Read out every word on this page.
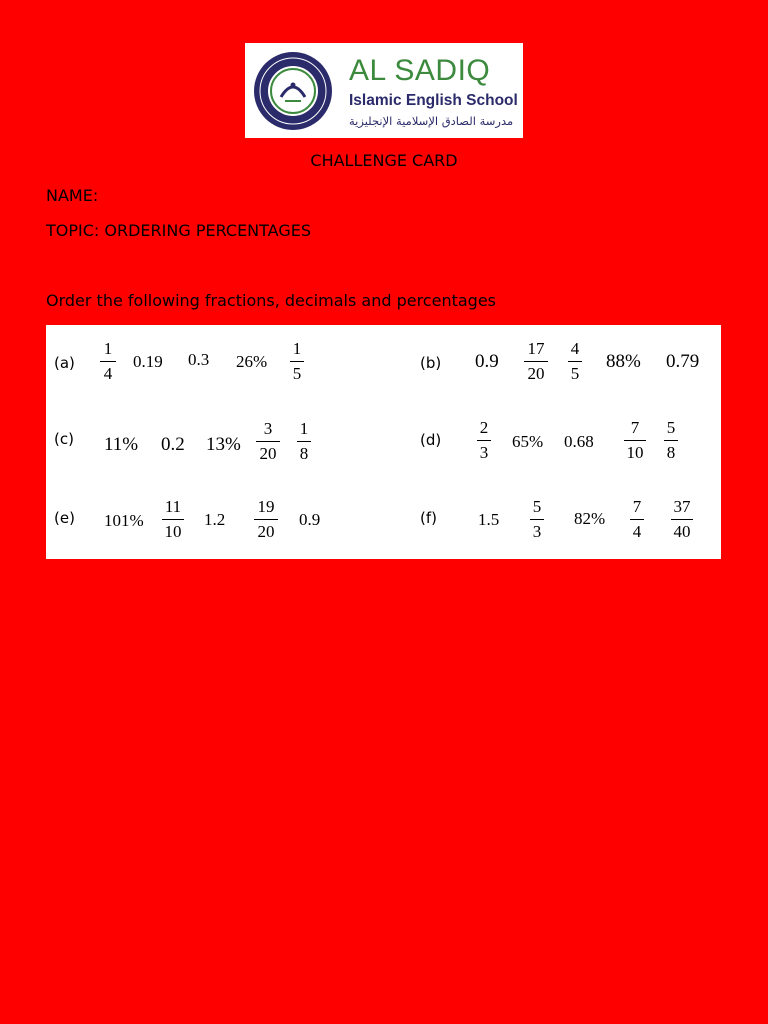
AL SADIQ
Islamic English School
مدرسة الصادق الإسلامية الإنجليزية
CHALLENGE CARD
NAME:
TOPIC: ORDERING PERCENTAGES
Order the following fractions, decimals and percentages
(a)
1
4
0.19 0.3 26%
1
5
(b) 0.9
17
20
4
5
88% 0.79
(c) 11% 0.2 13%
3
20
1
8
(d)
2
3
65% 0.68
7
10
5
8
(e) 101%
11
10
1.2
19
20
0.9	(f) 1.5
5
3
82%
7
4
37
40
